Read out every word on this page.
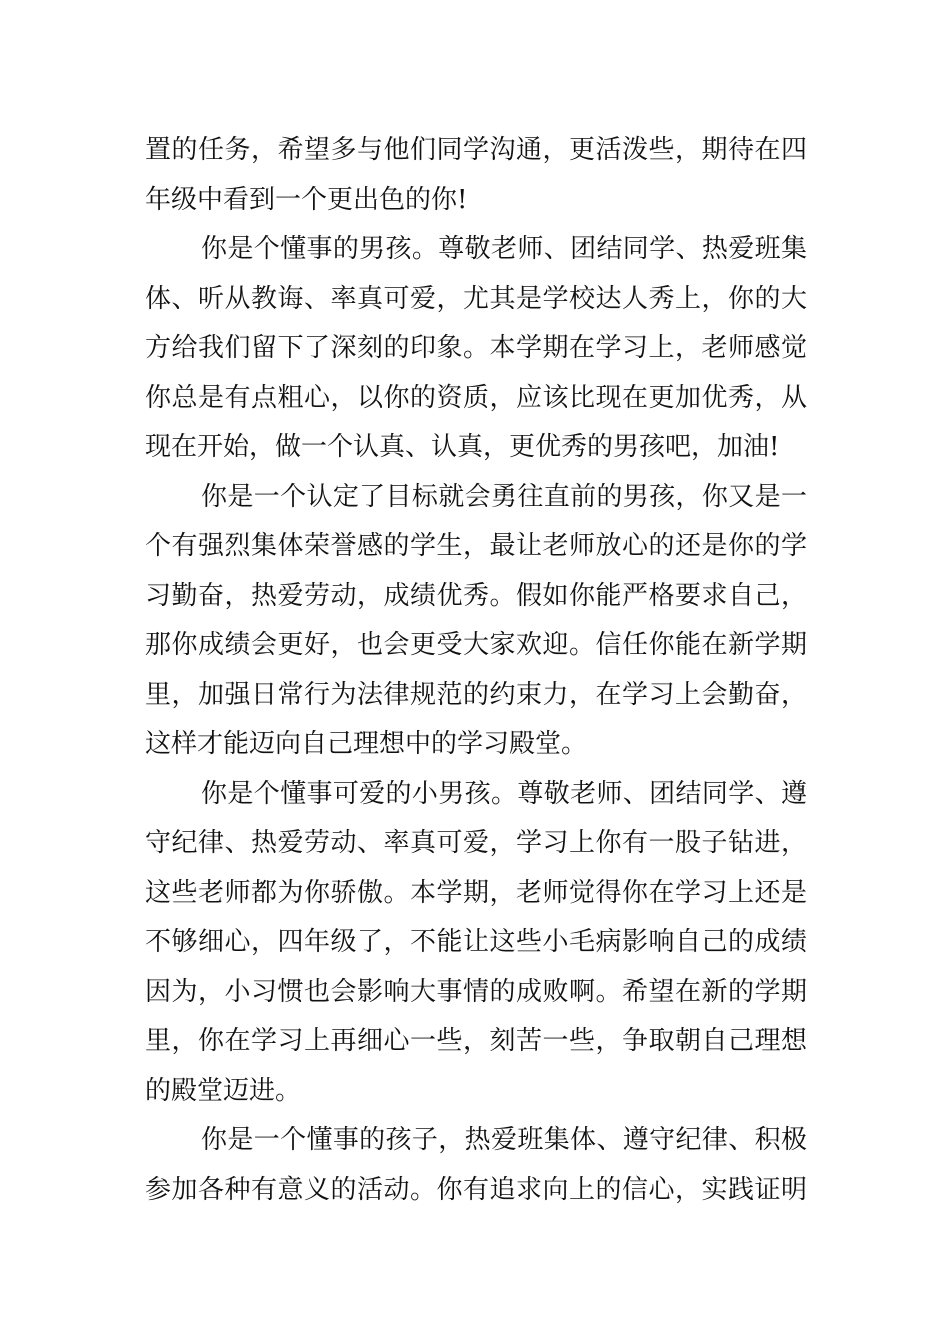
置的任务，希望多与他们同学沟通，更活泼些，期待在四
年级中看到一个更出色的你!
你是个懂事的男孩。尊敬老师、团结同学、热爱班集
体、听从教诲、率真可爱，尤其是学校达人秀上，你的大
方给我们留下了深刻的印象。本学期在学习上，老师感觉
你总是有点粗心，以你的资质，应该比现在更加优秀，从
现在开始，做一个认真、认真，更优秀的男孩吧，加油!
你是一个认定了目标就会勇往直前的男孩，你又是一
个有强烈集体荣誉感的学生，最让老师放心的还是你的学
习勤奋，热爱劳动，成绩优秀。假如你能严格要求自己，
那你成绩会更好，也会更受大家欢迎。信任你能在新学期
里，加强日常行为法律规范的约束力，在学习上会勤奋，
这样才能迈向自己理想中的学习殿堂。
你是个懂事可爱的小男孩。尊敬老师、团结同学、遵
守纪律、热爱劳动、率真可爱，学习上你有一股子钻进，
这些老师都为你骄傲。本学期，老师觉得你在学习上还是
不够细心，四年级了，不能让这些小毛病影响自己的成绩
因为，小习惯也会影响大事情的成败啊。希望在新的学期
里，你在学习上再细心一些，刻苦一些，争取朝自己理想
的殿堂迈进。
你是一个懂事的孩子，热爱班集体、遵守纪律、积极
参加各种有意义的活动。你有追求向上的信心，实践证明
